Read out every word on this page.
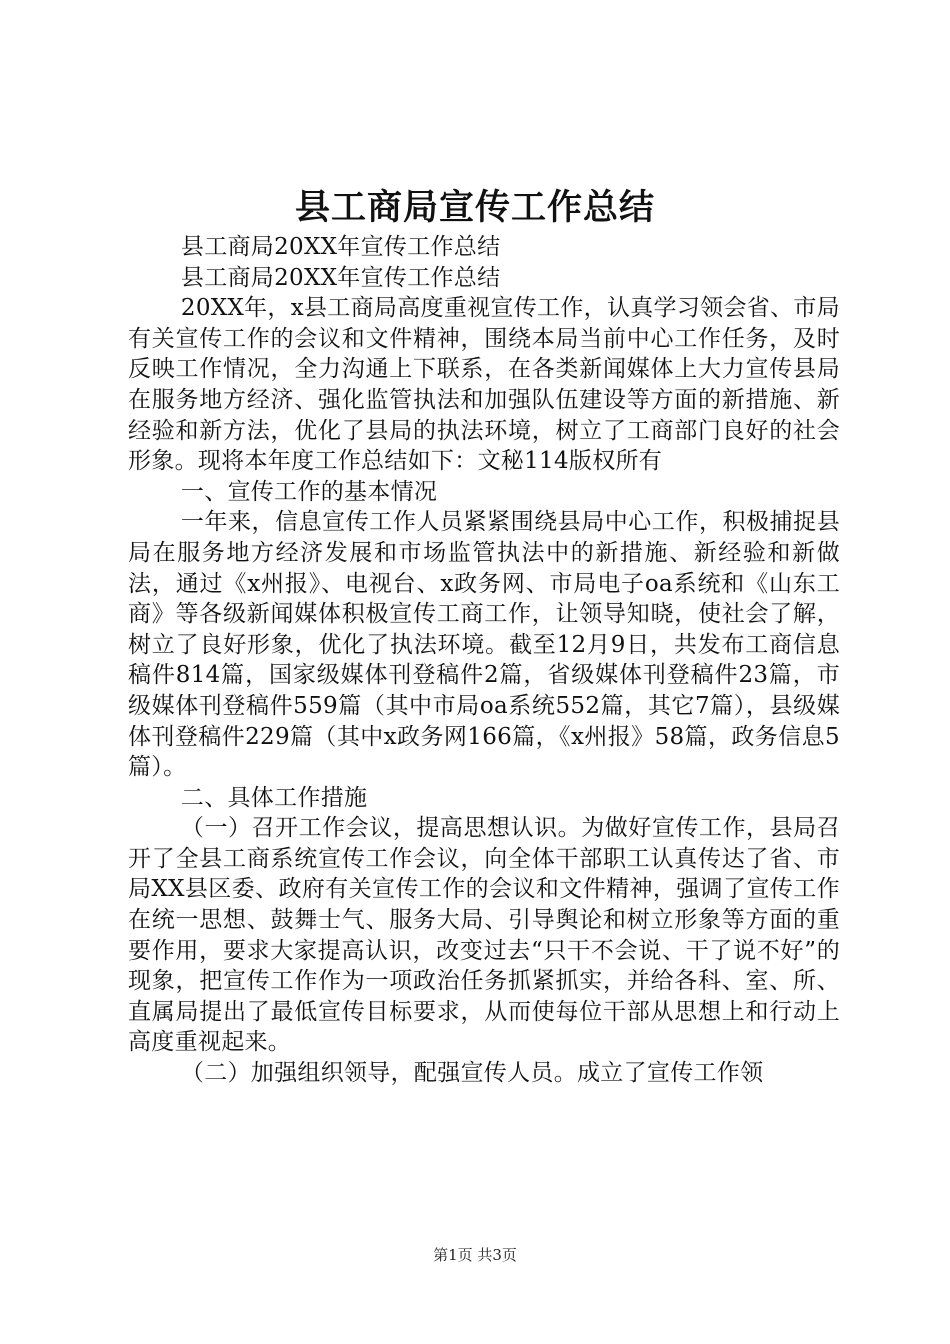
县工商局宣传工作总结

县工商局20XX年宣传工作总结

县工商局20XX年宣传工作总结

20XX年，x县工商局高度重视宣传工作，认真学习领会省、市局有关宣传工作的会议和文件精神，围绕本局当前中心工作任务，及时反映工作情况，全力沟通上下联系，在各类新闻媒体上大力宣传县局在服务地方经济、强化监管执法和加强队伍建设等方面的新措施、新经验和新方法，优化了县局的执法环境，树立了工商部门良好的社会形象。现将本年度工作总结如下：文秘114版权所有

一、宣传工作的基本情况

一年来，信息宣传工作人员紧紧围绕县局中心工作，积极捕捉县局在服务地方经济发展和市场监管执法中的新措施、新经验和新做法，通过《x州报》、电视台、x政务网、市局电子oa系统和《山东工商》等各级新闻媒体积极宣传工商工作，让领导知晓，使社会了解，树立了良好形象，优化了执法环境。截至12月9日，共发布工商信息稿件814篇，国家级媒体刊登稿件2篇，省级媒体刊登稿件23篇，市级媒体刊登稿件559篇（其中市局oa系统552篇，其它7篇），县级媒体刊登稿件229篇（其中x政务网166篇，《x州报》58篇，政务信息5篇）。

二、具体工作措施

（一）召开工作会议，提高思想认识。为做好宣传工作，县局召开了全县工商系统宣传工作会议，向全体干部职工认真传达了省、市局XX县区委、政府有关宣传工作的会议和文件精神，强调了宣传工作在统一思想、鼓舞士气、服务大局、引导舆论和树立形象等方面的重要作用，要求大家提高认识，改变过去“只干不会说、干了说不好”的现象，把宣传工作作为一项政治任务抓紧抓实，并给各科、室、所、直属局提出了最低宣传目标要求，从而使每位干部从思想上和行动上高度重视起来。

（二）加强组织领导，配强宣传人员。成立了宣传工作领

第1页 共3页
